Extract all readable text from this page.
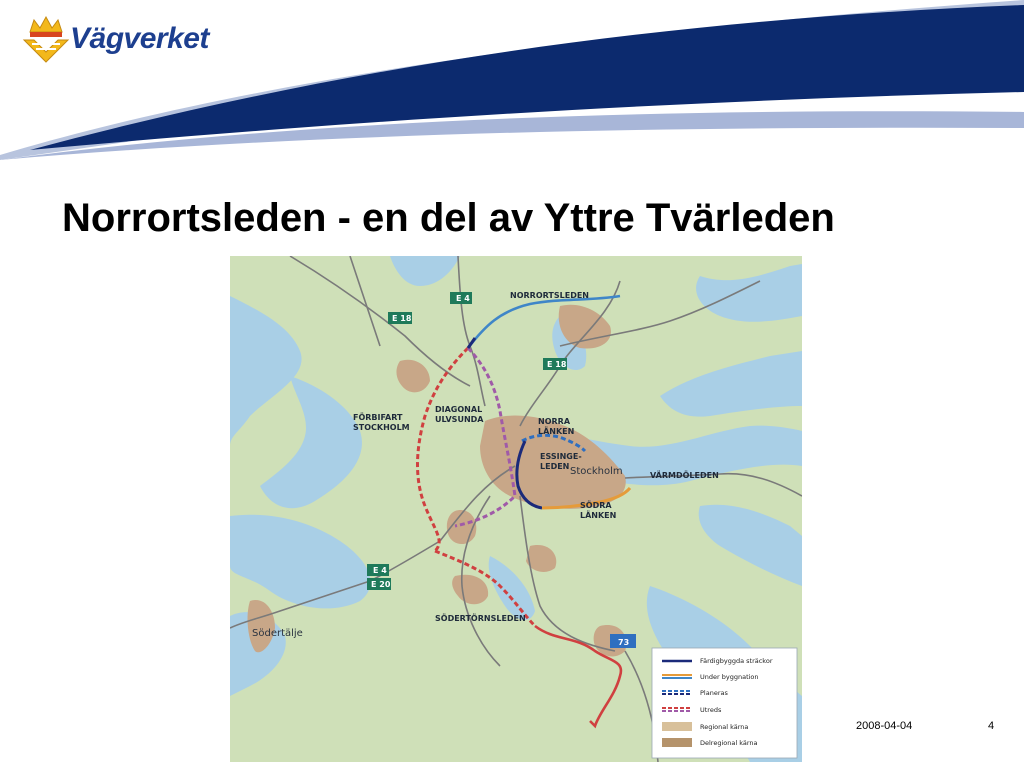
Vägverket
Norrortsleden - en del av Yttre Tvärleden
NORRORTSLEDEN
DIAGONAL
ULVSUNDA
FÖRBIFART
STOCKHOLM
NORRA
LÄNKEN
ESSINGE-
LEDEN
VÄRMDÖLEDEN
SÖDRA
LÄNKEN
SÖDERTÖRNSLEDEN
Stockholm
Södertälje
E 4
E 18
E 18
E 4
E 20
73
Färdigbyggda sträckor
Under byggnation
Planeras
Utreds
Regional kärna
Delregional kärna
2008-04-04	4
